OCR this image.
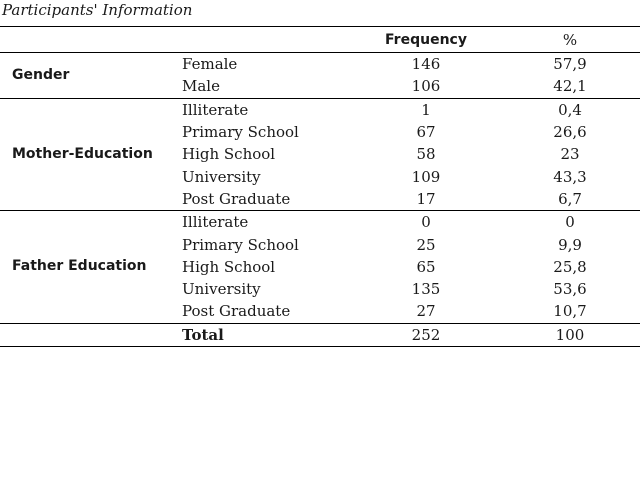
Participants' Information
		Frequency	%
Gender	Female	146	57,9
	Male	106	42,1
Mother-Education	Illiterate	1	0,4
	Primary School	67	26,6
	High School	58	23
	University	109	43,3
	Post Graduate	17	6,7
Father Education	Illiterate	0	0
	Primary School	25	9,9
	High School	65	25,8
	University	135	53,6
	Post Graduate	27	10,7
	Total	252	100
